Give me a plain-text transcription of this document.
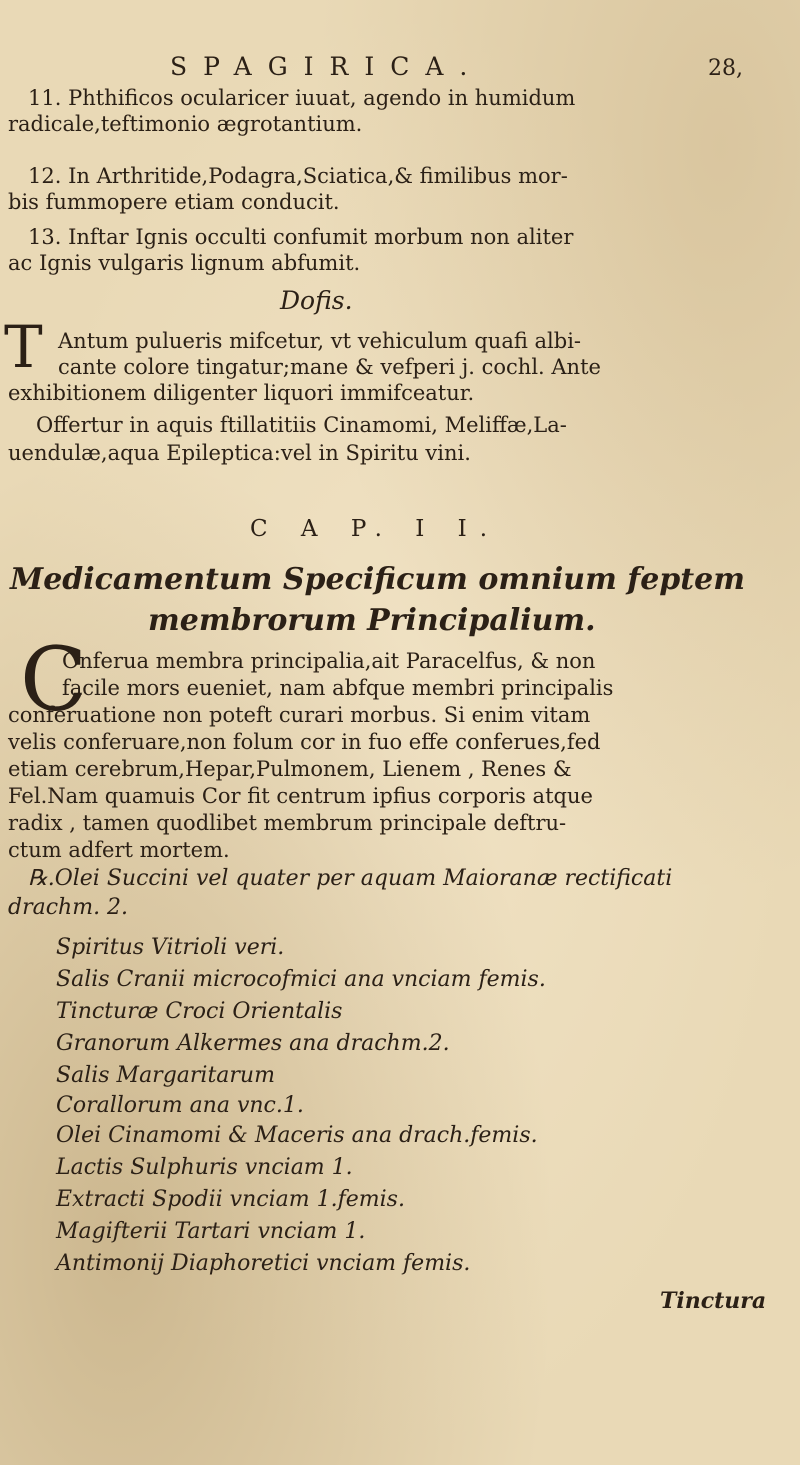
SPAGIRICA.	28,
11. Phthificos ocularicer iuuat, agendo in humidum
radicale,teftimonio ægrotantium.
12. In Arthritide,Podagra,Sciatica,& fimilibus mor-
bis fummopere etiam conducit.
13. Inftar Ignis occulti confumit morbum non aliter
ac Ignis vulgaris lignum abfumit.
Dofis.
T Antum pulueris mifcetur, vt vehiculum quafi albi-
cante colore tingatur;mane & vefperi j. cochl. Ante
exhibitionem diligenter liquori immifceatur.
Offertur in aquis ftillatitiis Cinamomi, Meliffæ,La-
uendulæ,aqua Epileptica:vel in Spiritu vini.
C A P. I I.
Medicamentum Specificum omnium feptem
membrorum Principalium.
C
Onferua membra principalia,ait Paracelfus, & non
facile mors eueniet, nam abfque membri principalis
conferuatione non poteft curari morbus. Si enim vitam
velis conferuare,non folum cor in fuo effe conferues,fed
etiam cerebrum,Hepar,Pulmonem, Lienem , Renes &
Fel.Nam quamuis Cor fit centrum ipfius corporis atque
radix , tamen quodlibet membrum principale deftru-
ctum adfert mortem.
℞.Olei Succini vel quater per aquam Maioranæ rectificati
drachm. 2.
Spiritus Vitrioli veri.
Salis Cranii microcofmici ana vnciam femis.
Tincturæ Croci Orientalis
Granorum Alkermes ana drachm.2.
Salis Margaritarum
Corallorum ana vnc.1.
Olei Cinamomi & Maceris ana drach.femis.
Lactis Sulphuris vnciam 1.
Extracti Spodii vnciam 1.femis.
Magifterii Tartari vnciam 1.
Antimonij Diaphoretici vnciam femis.
Tinctura
